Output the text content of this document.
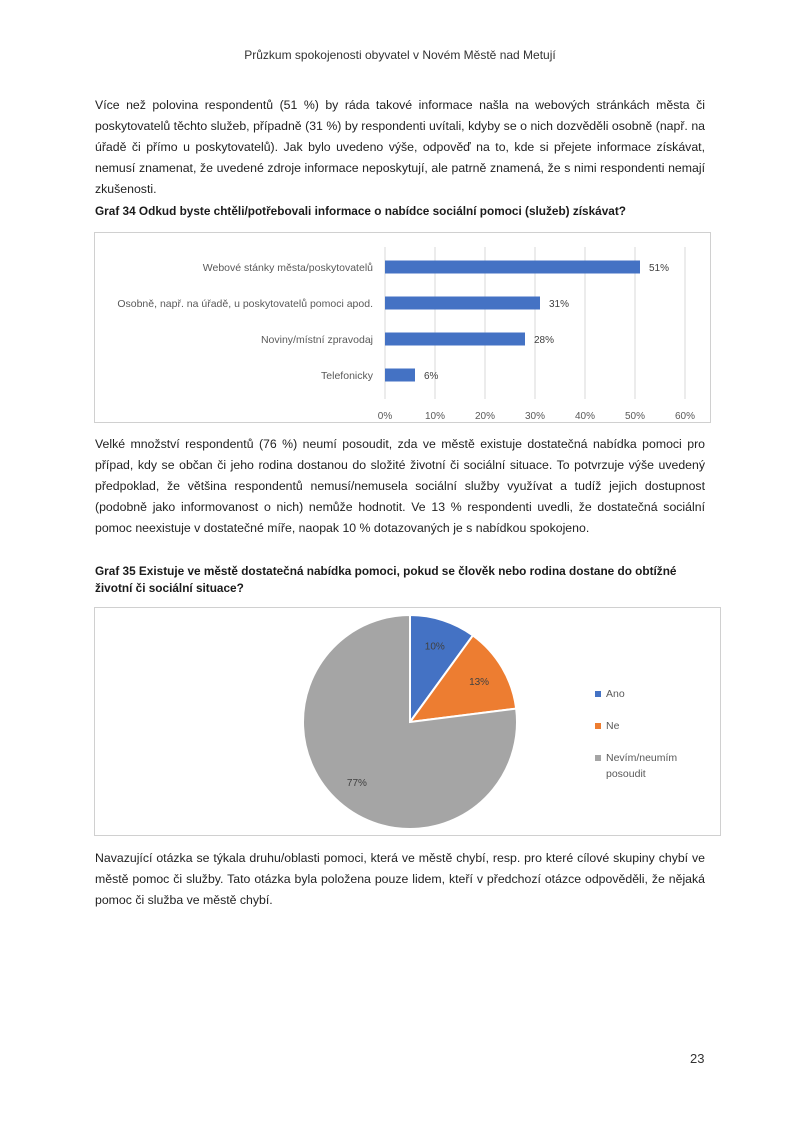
Průzkum spokojenosti obyvatel v Novém Městě nad Metují

Více než polovina respondentů (51 %) by ráda takové informace našla na webových stránkách města či poskytovatelů těchto služeb, případně (31 %) by respondenti uvítali, kdyby se o nich dozvěděli osobně (např. na úřadě či přímo u poskytovatelů). Jak bylo uvedeno výše, odpověď na to, kde si přejete informace získávat, nemusí znamenat, že uvedené zdroje informace neposkytují, ale patrně znamená, že s nimi respondenti nemají zkušenosti.

Graf 34 Odkud byste chtěli/potřebovali informace o nabídce sociální pomoci (služeb) získávat?

0%	10%	20%	30%	40%	50%	60%
Webové stánky města/poskytovatelů	51%
Osobně, např. na úřadě, u poskytovatelů pomoci apod.	31%
Noviny/místní zpravodaj	28%
Telefonicky	6%

Velké množství respondentů (76 %) neumí posoudit, zda ve městě existuje dostatečná nabídka pomoci pro případ, kdy se občan či jeho rodina dostanou do složité životní či sociální situace. To potvrzuje výše uvedený předpoklad, že většina respondentů nemusí/nemusela sociální služby využívat a tudíž jejich dostupnost (podobně jako informovanost o nich) nemůže hodnotit. Ve 13 % respondenti uvedli, že dostatečná sociální pomoc neexistuje v dostatečné míře, naopak 10 % dotazovaných je s nabídkou spokojeno.

Graf 35 Existuje ve městě dostatečná nabídka pomoci, pokud se člověk nebo rodina dostane do obtížné životní či sociální situace?

10%
13%
77%
Ano
Ne
Nevím/neumím posoudit

Navazující otázka se týkala druhu/oblasti pomoci, která ve městě chybí, resp. pro které cílové skupiny chybí ve městě pomoc či služby. Tato otázka byla položena pouze lidem, kteří v předchozí otázce odpověděli, že nějaká pomoc či služba ve městě chybí.

23
